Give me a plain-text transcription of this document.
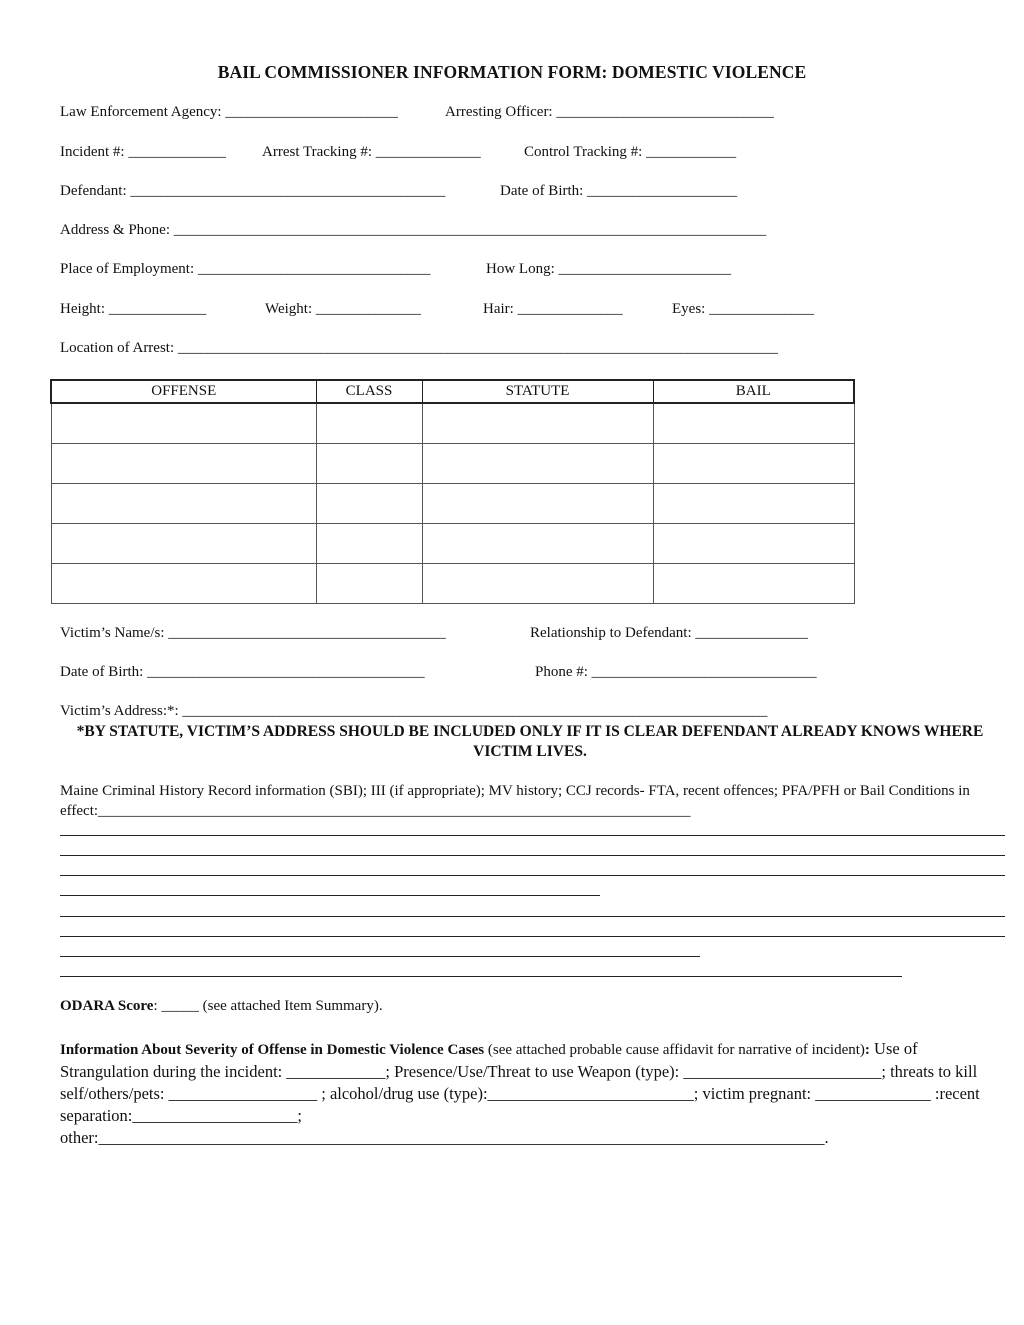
BAIL COMMISSIONER INFORMATION FORM: DOMESTIC VIOLENCE
Law Enforcement Agency: _______________________	Arresting Officer: _____________________________
Incident #: _____________ Arrest Tracking #: ______________	Control Tracking #: ____________
Defendant: __________________________________________	Date of Birth: ____________________
Address & Phone: _______________________________________________________________________________
Place of Employment: _______________________________	How Long: _______________________
Height: _____________	Weight: ______________	Hair: ______________	Eyes: ______________
Location of Arrest: ________________________________________________________________________________
OFFENSE	CLASS	STATUTE	BAIL

Victim’s Name/s: _____________________________________	Relationship to Defendant: _______________
Date of Birth: _____________________________________	Phone #: ______________________________
Victim’s Address:*: ______________________________________________________________________________
*BY STATUTE, VICTIM’S ADDRESS SHOULD BE INCLUDED ONLY IF IT IS CLEAR DEFENDANT ALREADY KNOWS WHERE VICTIM LIVES.
Maine Criminal History Record information (SBI); III (if appropriate); MV history; CCJ records- FTA, recent offences; PFA/PFH or Bail Conditions in effect:_______________________________________________________________________________
ODARA Score: _____ (see attached Item Summary).
Information About Severity of Offense in Domestic Violence Cases (see attached probable cause affidavit for narrative of incident): Use of Strangulation during the incident: ____________; Presence/Use/Threat to use Weapon (type): ________________________; threats to kill self/others/pets: __________________ ; alcohol/drug use (type):_________________________; victim pregnant: ______________ :recent separation:____________________; other:________________________________________________________________________________________.
